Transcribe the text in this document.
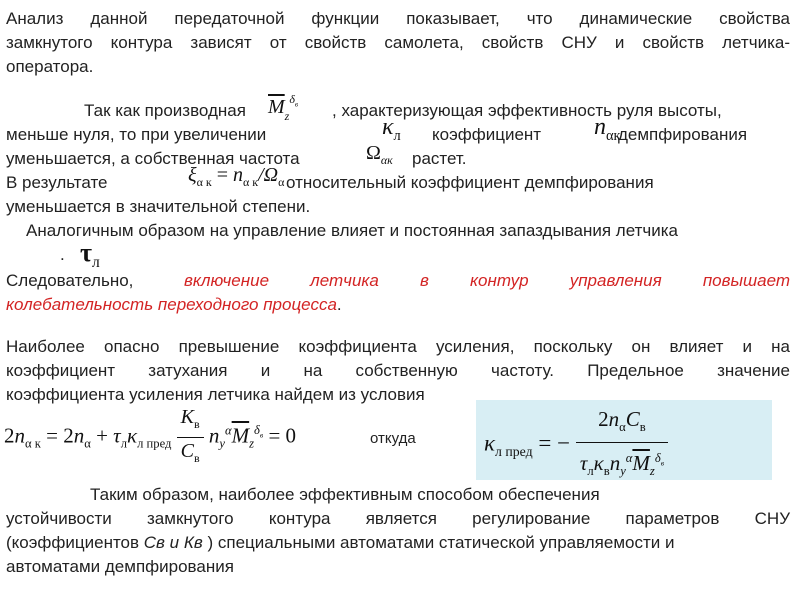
Анализ данной передаточной функции показывает, что динамические свойства
замкнутого контура зависят от свойств самолета, свойств СНУ и свойств летчика-
оператора.
Так как производная $\overline{M}_z^{\delta_в}$ , характеризующая эффективность руля высоты,
меньше нуля, то при увеличении	$\kappa_л$ коэффициент $n_{\alpha к}$
демпфирования
уменьшается, а собственная частота	$\Omega_{\alpha к}$ растет.
В результате	$\xi_{\alpha к} = n_{\alpha к}/\Omega_\alpha$ относительный коэффициент демпфирования
уменьшается в значительной степени.
Аналогичным образом на управление влияет и постоянная запаздывания летчика
. $\tau_л$
Следовательно,	включение летчика в контур управления повышает
колебательность переходного процесса.
Наиболее опасно превышение коэффициента усиления, поскольку он влияет и на
коэффициент затухания и на собственную частоту. Предельное значение
коэффициента усиления летчика найдем из условия
$2n_{\alpha к} = 2n_\alpha + \tau_л\kappa_{л пред} \frac{K_в}{C_в} n_y^\alpha\overline{M}_z^{\delta_в} = 0$	откуда	$\kappa_{л пред}$ = − $\frac{2n_\alpha C_в}{\tau_л\kappa_вn_y^\alpha\overline{M}_z^{\delta_в}}$
Таким образом, наиболее эффективным способом обеспечения
устойчивости замкнутого контура является регулирование параметров СНУ
(коэффициентов Св и Кв ) специальными автоматами статической управляемости и
автоматами демпфирования
